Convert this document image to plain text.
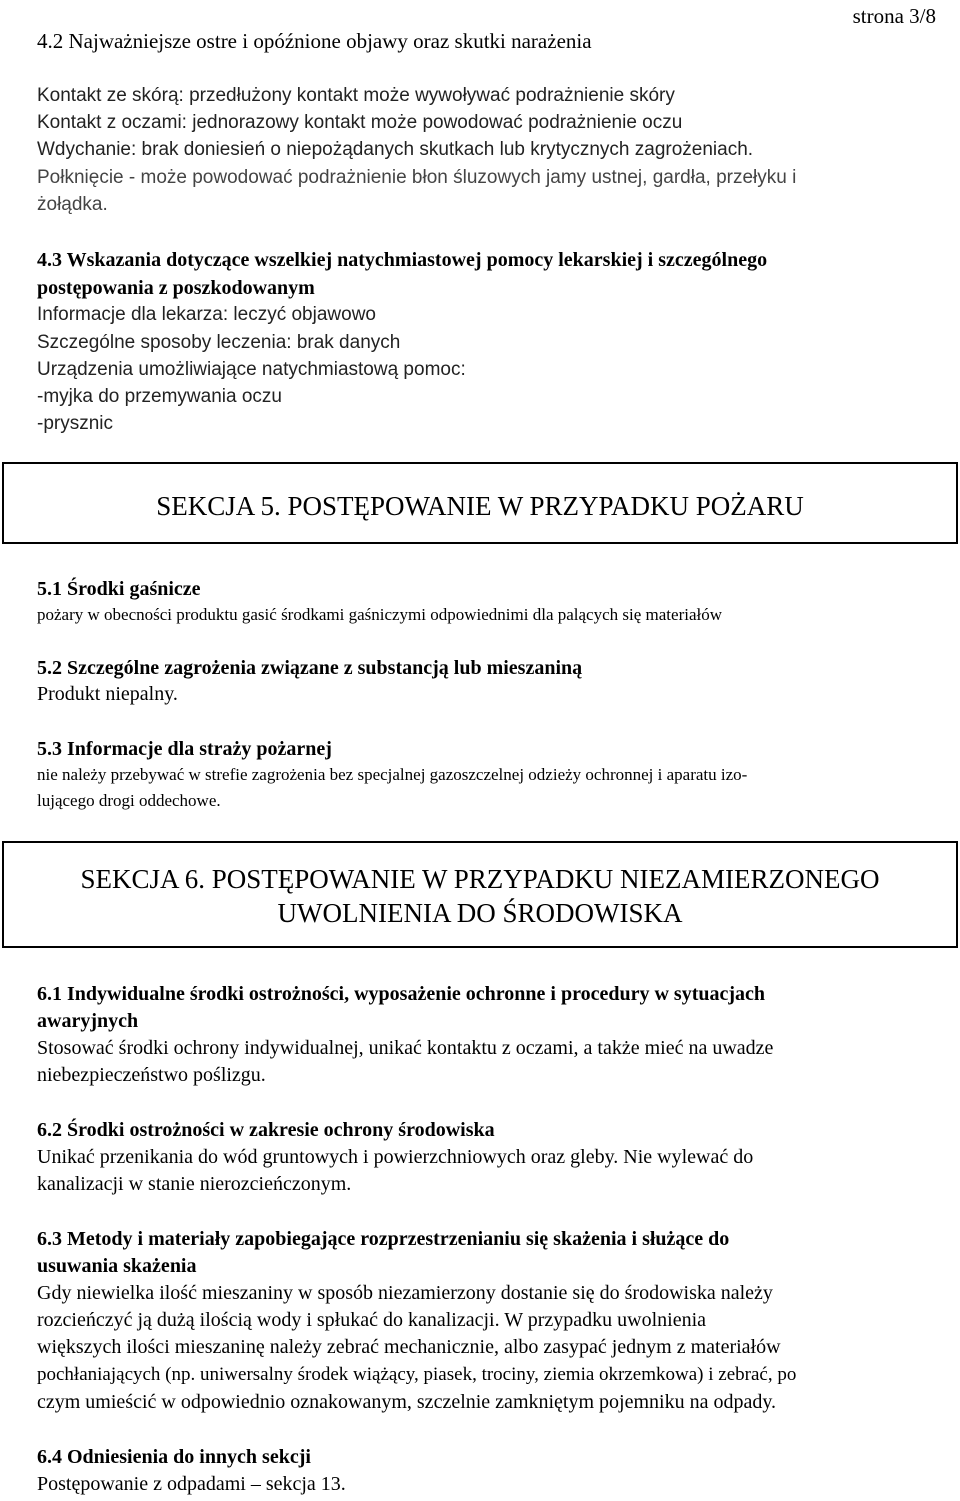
4.2 Najważniejsze ostre i opóźnione objawy oraz skutki narażenia
strona 3/8
Kontakt ze skórą: przedłużony kontakt może wywoływać podrażnienie skóry
Kontakt z oczami: jednorazowy kontakt może powodować podrażnienie oczu
Wdychanie: brak doniesień o niepożądanych skutkach lub krytycznych zagrożeniach.
Połknięcie - może powodować podrażnienie błon śluzowych jamy ustnej, gardła, przełyku i
żołądka.
4.3 Wskazania dotyczące wszelkiej natychmiastowej pomocy lekarskiej i szczególnego
postępowania z poszkodowanym
Informacje dla lekarza: leczyć objawowo
Szczególne sposoby leczenia: brak danych
Urządzenia umożliwiające natychmiastową pomoc:
-myjka do przemywania oczu
-prysznic
SEKCJA 5. POSTĘPOWANIE W PRZYPADKU POŻARU
5.1 Środki gaśnicze
pożary w obecności produktu gasić środkami gaśniczymi odpowiednimi dla palących się materiałów
5.2 Szczególne zagrożenia związane z substancją lub mieszaniną
Produkt niepalny.
5.3 Informacje dla straży pożarnej
nie należy przebywać w strefie zagrożenia bez specjalnej gazoszczelnej odzieży ochronnej i aparatu izo-
lującego drogi oddechowe.
SEKCJA 6. POSTĘPOWANIE W PRZYPADKU NIEZAMIERZONEGO
UWOLNIENIA DO ŚRODOWISKA
6.1 Indywidualne środki ostrożności, wyposażenie ochronne i procedury w sytuacjach
awaryjnych
Stosować środki ochrony indywidualnej, unikać kontaktu z oczami, a także mieć na uwadze
niebezpieczeństwo poślizgu.
6.2 Środki ostrożności w zakresie ochrony środowiska
Unikać przenikania do wód gruntowych i powierzchniowych oraz gleby. Nie wylewać do
kanalizacji w stanie nierozcieńczonym.
6.3 Metody i materiały zapobiegające rozprzestrzenianiu się skażenia i służące do
usuwania skażenia
Gdy niewielka ilość mieszaniny w sposób niezamierzony dostanie się do środowiska należy
rozcieńczyć ją dużą ilością wody i spłukać do kanalizacji. W przypadku uwolnienia
większych ilości mieszaninę należy zebrać mechanicznie, albo zasypać jednym z materiałów
pochłaniających (np. uniwersalny środek wiążący, piasek, trociny, ziemia okrzemkowa) i zebrać, po
czym umieścić w odpowiednio oznakowanym, szczelnie zamkniętym pojemniku na odpady.
6.4 Odniesienia do innych sekcji
Postępowanie z odpadami – sekcja 13.
